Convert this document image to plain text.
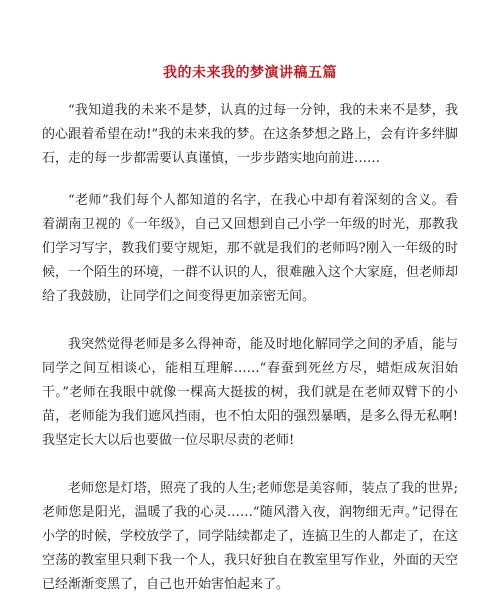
我的未来我的梦演讲稿五篇

“我知道我的未来不是梦，认真的过每一分钟，我的未来不是梦，我的心跟着希望在动!”我的未来我的梦。在这条梦想之路上，会有许多绊脚石，走的每一步都需要认真谨慎，一步步踏实地向前进……

“老师”我们每个人都知道的名字，在我心中却有着深刻的含义。看着湖南卫视的《一年级》，自己又回想到自己小学一年级的时光，那教我们学习写字，教我们要守规矩，那不就是我们的老师吗?刚入一年级的时候，一个陌生的环境，一群不认识的人，很难融入这个大家庭，但老师却给了我鼓励，让同学们之间变得更加亲密无间。

我突然觉得老师是多么得神奇，能及时地化解同学之间的矛盾，能与同学之间互相谈心，能相互理解……“春蚕到死丝方尽，蜡炬成灰泪始干。”老师在我眼中就像一棵高大挺拔的树，我们就是在老师双臂下的小苗，老师能为我们遮风挡雨，也不怕太阳的强烈暴晒，是多么得无私啊!我坚定长大以后也要做一位尽职尽责的老师!

老师您是灯塔，照亮了我的人生;老师您是美容师，装点了我的世界;老师您是阳光，温暖了我的心灵……“随风潜入夜，润物细无声。”记得在小学的时候，学校放学了，同学陆续都走了，连搞卫生的人都走了，在这空荡的教室里只剩下我一个人，我只好独自在教室里写作业，外面的天空已经渐渐变黑了，自己也开始害怕起来了。
